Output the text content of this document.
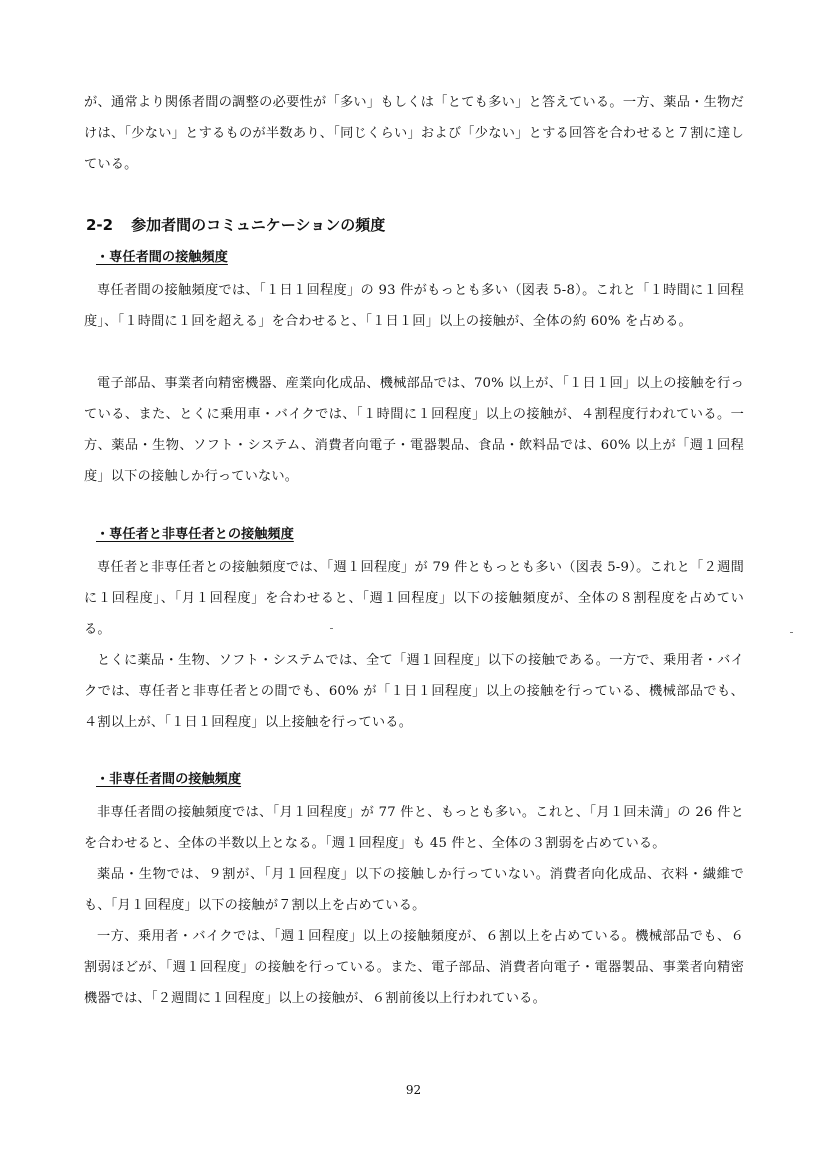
が、通常より関係者間の調整の必要性が「多い」もしくは「とても多い」と答えている。一方、薬品・生物だけは、「少ない」とするものが半数あり、「同じくらい」および「少ない」とする回答を合わせると７割に達している。

2-2 参加者間のコミュニケーションの頻度
・専任者間の接触頻度

専任者間の接触頻度では、「１日１回程度」の 93 件がもっとも多い（図表 5-8）。これと「１時間に１回程度」、「１時間に１回を超える」を合わせると、「１日１回」以上の接触が、全体の約 60% を占める。

電子部品、事業者向精密機器、産業向化成品、機械部品では、70% 以上が、「１日１回」以上の接触を行っている、また、とくに乗用車・バイクでは、「１時間に１回程度」以上の接触が、４割程度行われている。一方、薬品・生物、ソフト・システム、消費者向電子・電器製品、食品・飲料品では、60% 以上が「週１回程度」以下の接触しか行っていない。

・専任者と非専任者との接触頻度

専任者と非専任者との接触頻度では、「週１回程度」が 79 件ともっとも多い（図表 5-9）。これと「２週間に１回程度」、「月１回程度」を合わせると、「週１回程度」以下の接触頻度が、全体の８割程度を占めている。

とくに薬品・生物、ソフト・システムでは、全て「週１回程度」以下の接触である。一方で、乗用者・バイクでは、専任者と非専任者との間でも、60% が「１日１回程度」以上の接触を行っている、機械部品でも、４割以上が、「１日１回程度」以上接触を行っている。

・非専任者間の接触頻度

非専任者間の接触頻度では、「月１回程度」が 77 件と、もっとも多い。これと、「月１回未満」の 26 件とを合わせると、全体の半数以上となる。「週１回程度」も 45 件と、全体の３割弱を占めている。

薬品・生物では、９割が、「月１回程度」以下の接触しか行っていない。消費者向化成品、衣料・繊維でも、「月１回程度」以下の接触が７割以上を占めている。

一方、乗用者・バイクでは、「週１回程度」以上の接触頻度が、６割以上を占めている。機械部品でも、６割弱ほどが、「週１回程度」の接触を行っている。また、電子部品、消費者向電子・電器製品、事業者向精密機器では、「２週間に１回程度」以上の接触が、６割前後以上行われている。

92
